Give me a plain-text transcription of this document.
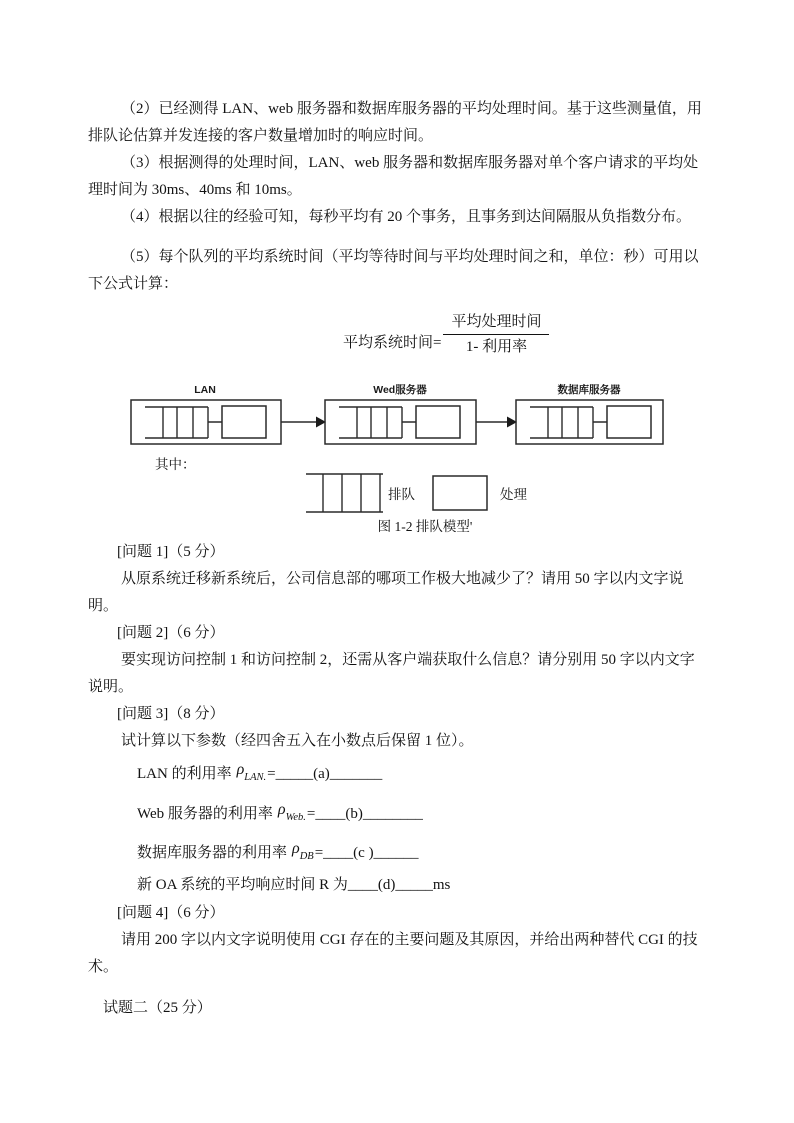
（2）已经测得 LAN、web 服务器和数据库服务器的平均处理时间。基于这些测量值，用排队论估算并发连接的客户数量增加时的响应时间。

（3）根据测得的处理时间，LAN、web 服务器和数据库服务器对单个客户请求的平均处理时间为 30ms、40ms 和 10ms。

（4）根据以往的经验可知，每秒平均有 20 个事务，且事务到达间隔服从负指数分布。

（5）每个队列的平均系统时间（平均等待时间与平均处理时间之和，单位：秒）可用以下公式计算：

平均系统时间= $\frac{\text{平均处理时间}}{\text{1- 利用率}}$
LAN	Wed服务器	数据库服务器
其中：
排队	处理
图 1-2 排队模型'

[问题 1]（5 分）

从原系统迁移新系统后，公司信息部的哪项工作极大地减少了？请用 50 字以内文字说明。

[问题 2]（6 分）

要实现访问控制 1 和访问控制 2，还需从客户端获取什么信息？请分别用 50 字以内文字说明。

[问题 3]（8 分）

试计算以下参数（经四舍五入在小数点后保留 1 位）。

LAN 的利用率 $\rho_{LAN.}=\_\_\_\_\_(a)\_\_\_\_\_\_\_$

Web 服务器的利用率 $\rho_{Web.}=\_\_\_\_(b)\_\_\_\_\_\_\_\_$

数据库服务器的利用率 $\rho_{DB}=\_\_\_\_(c$ )______

新 OA 系统的平均响应时间 R 为____(d)_____ms

[问题 4]（6 分）

请用 200 字以内文字说明使用 CGI 存在的主要问题及其原因，并给出两种替代 CGI 的技术。

试题二（25 分）
